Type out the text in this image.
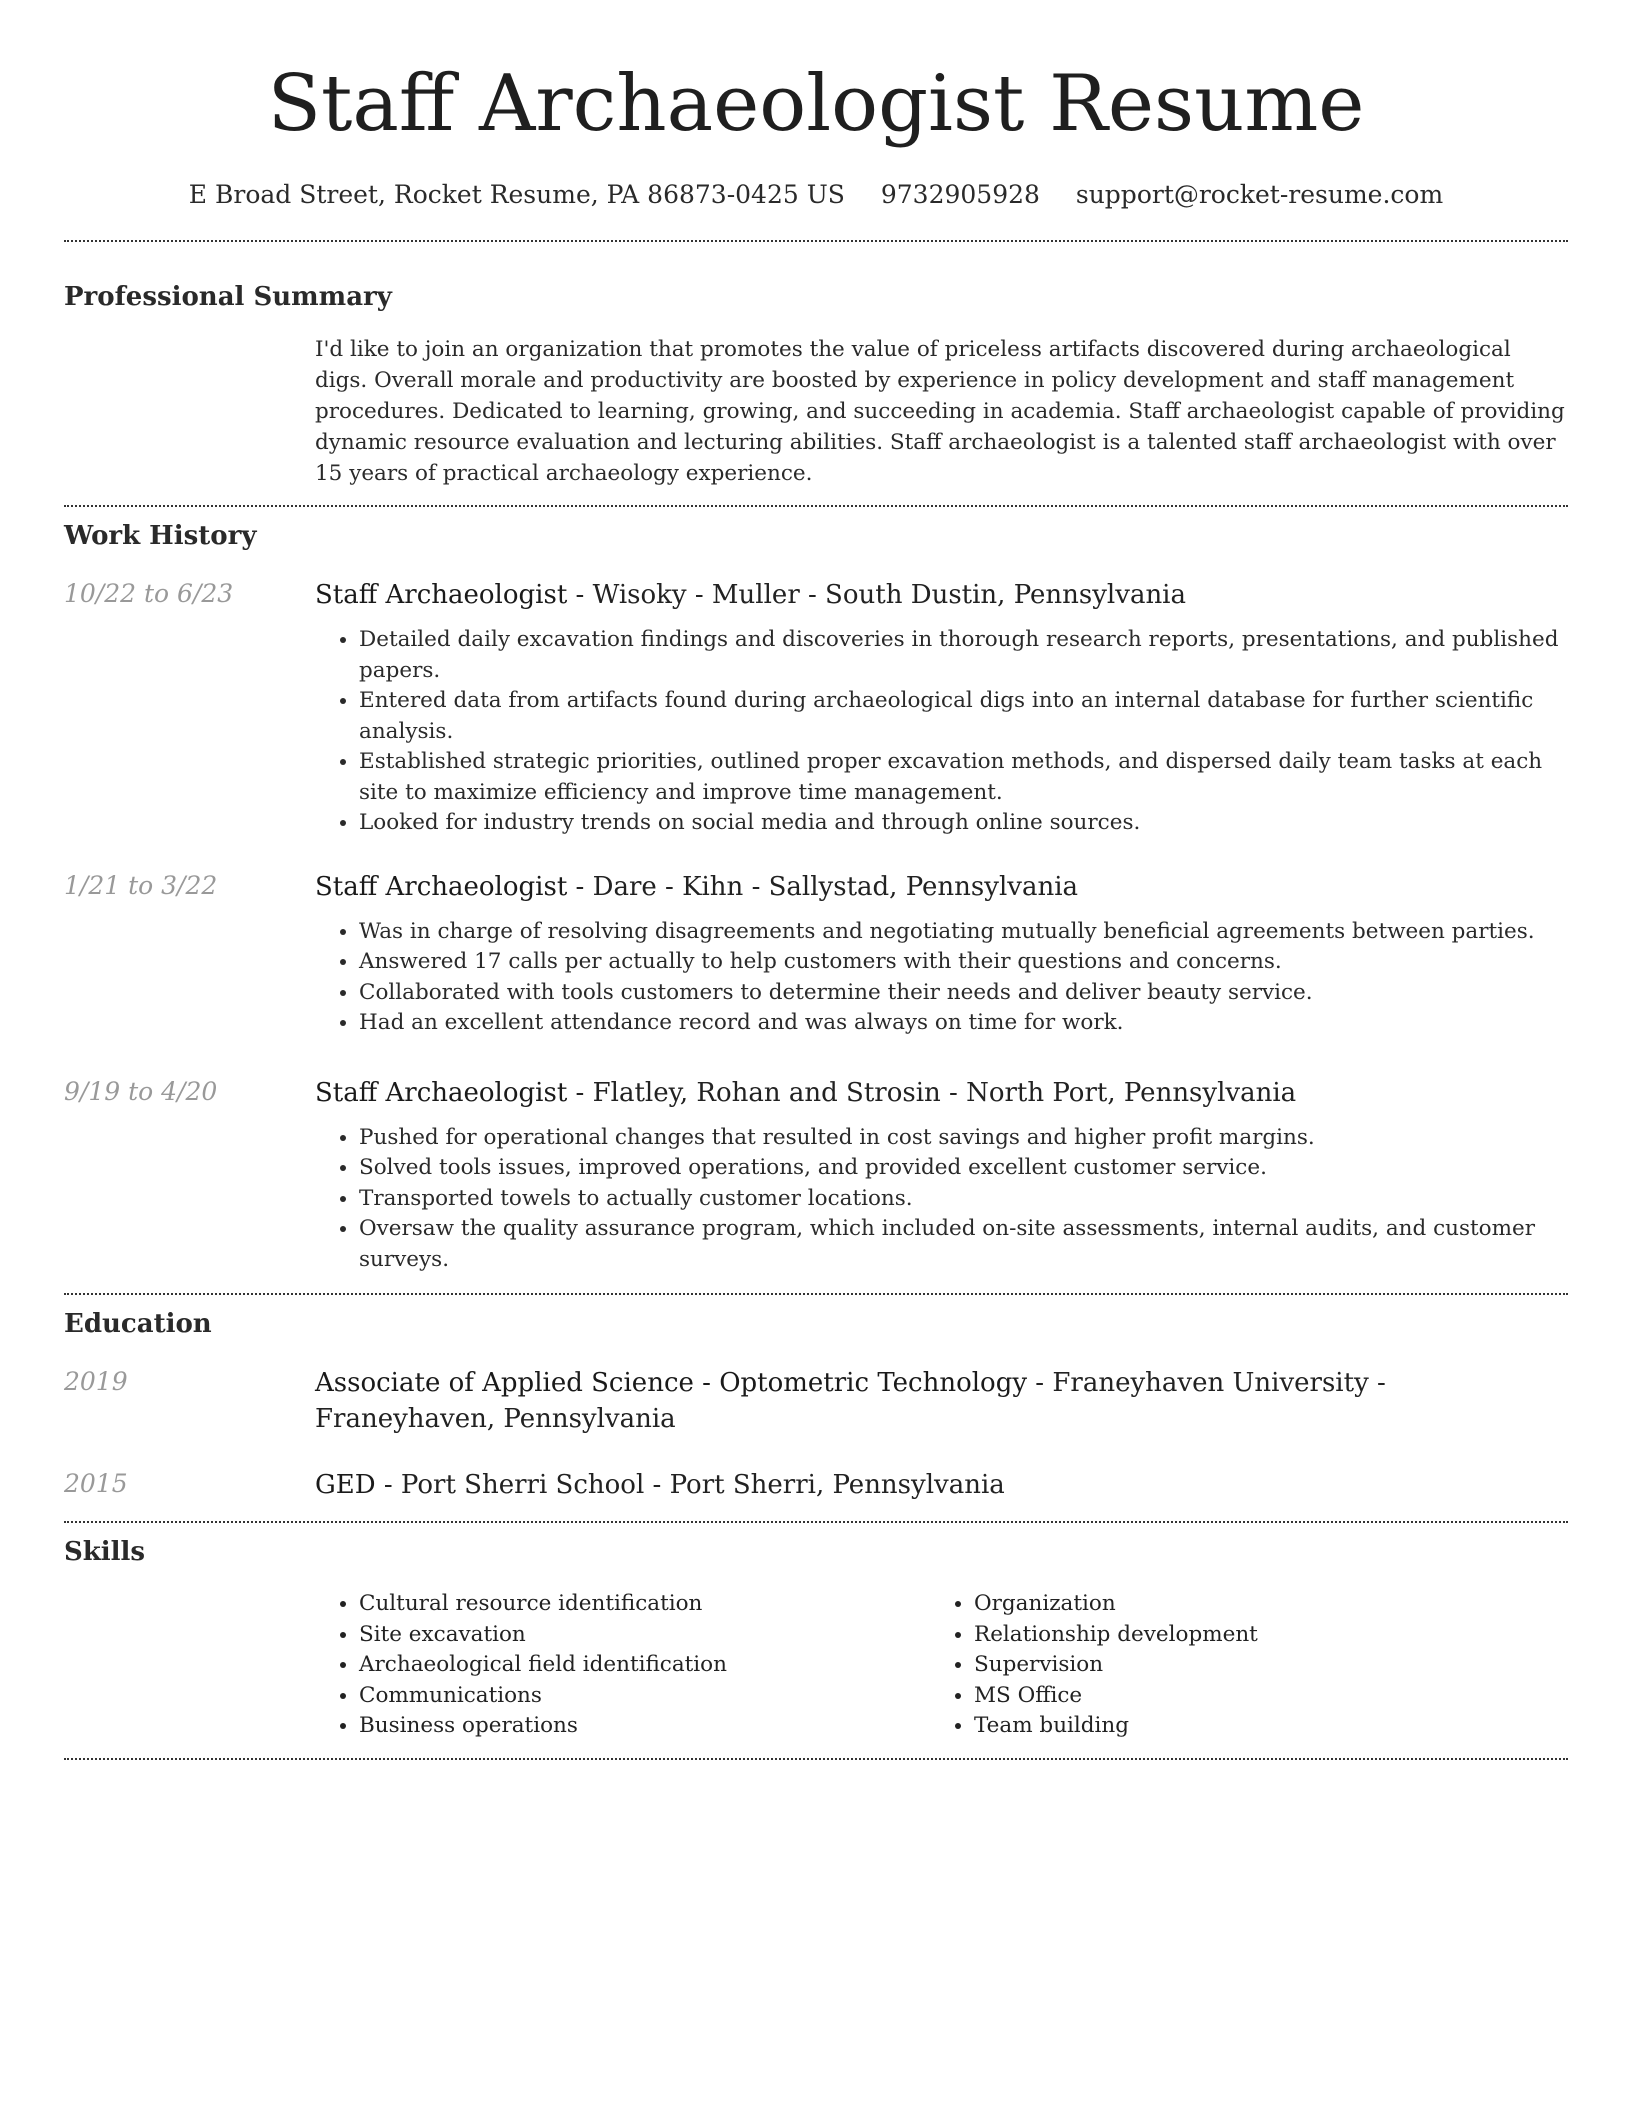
Staff Archaeologist Resume
E Broad Street, Rocket Resume, PA 86873-0425 US 9732905928 support@rocket-resume.com
Professional Summary

I'd like to join an organization that promotes the value of priceless artifacts discovered during archaeological digs. Overall morale and productivity are boosted by experience in policy development and staff management procedures. Dedicated to learning, growing, and succeeding in academia. Staff archaeologist capable of providing dynamic resource evaluation and lecturing abilities. Staff archaeologist is a talented staff archaeologist with over 15 years of practical archaeology experience.

Work History
10/22 to 6/23	Staff Archaeologist - Wisoky - Muller - South Dustin, Pennsylvania
• Detailed daily excavation findings and discoveries in thorough research reports, presentations, and published papers.
• Entered data from artifacts found during archaeological digs into an internal database for further scientific analysis.
• Established strategic priorities, outlined proper excavation methods, and dispersed daily team tasks at each site to maximize efficiency and improve time management.
• Looked for industry trends on social media and through online sources.
1/21 to 3/22	Staff Archaeologist - Dare - Kihn - Sallystad, Pennsylvania
• Was in charge of resolving disagreements and negotiating mutually beneficial agreements between parties.
• Answered 17 calls per actually to help customers with their questions and concerns.
• Collaborated with tools customers to determine their needs and deliver beauty service.
• Had an excellent attendance record and was always on time for work.
9/19 to 4/20	Staff Archaeologist - Flatley, Rohan and Strosin - North Port, Pennsylvania
• Pushed for operational changes that resulted in cost savings and higher profit margins.
• Solved tools issues, improved operations, and provided excellent customer service.
• Transported towels to actually customer locations.
• Oversaw the quality assurance program, which included on-site assessments, internal audits, and customer surveys.
Education
2019	Associate of Applied Science - Optometric Technology - Franeyhaven University - Franeyhaven, Pennsylvania
2015	GED - Port Sherri School - Port Sherri, Pennsylvania
Skills
• Cultural resource identification
• Site excavation
• Archaeological field identification
• Communications
• Business operations
• Organization
• Relationship development
• Supervision
• MS Office
• Team building
